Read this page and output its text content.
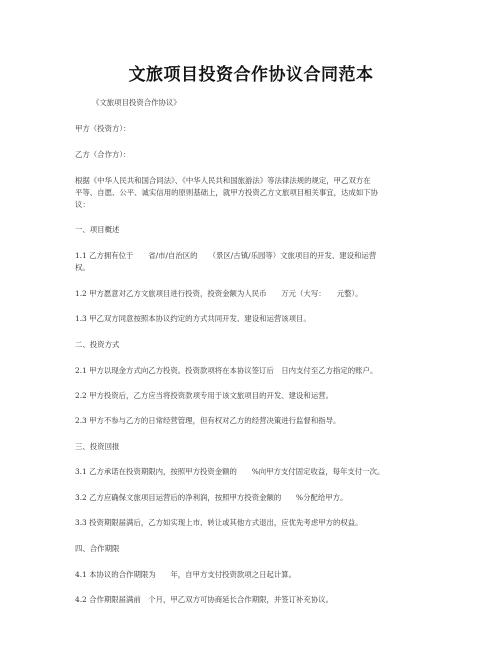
文旅项目投资合作协议合同范本
《文旅项目投资合作协议》
甲方（投资方）：
乙方（合作方）：
根据《中华人民共和国合同法》、《中华人民共和国旅游法》等法律法规的规定，甲乙双方在
平等、自愿、公平、诚实信用的原则基础上，就甲方投资乙方文旅项目相关事宜，达成如下协
议：
一、项目概述
1.1 乙方拥有位于　　省/市/自治区的　　（景区/古镇/乐园等）文旅项目的开发、建设和运营
权。
1.2 甲方愿意对乙方文旅项目进行投资，投资金额为人民币　　万元（大写：　　元整）。
1.3 甲乙双方同意按照本协议约定的方式共同开发、建设和运营该项目。
二、投资方式
2.1 甲方以现金方式向乙方投资。投资款项将在本协议签订后　日内支付至乙方指定的账户。
2.2 甲方投资后，乙方应当将投资款项专用于该文旅项目的开发、建设和运营。
2.3 甲方不参与乙方的日常经营管理，但有权对乙方的经营决策进行监督和指导。
三、投资回报
3.1 乙方承诺在投资期限内，按照甲方投资金额的　　%向甲方支付固定收益，每年支付一次。
3.2 乙方应确保文旅项目运营后的净利润，按照甲方投资金额的　　%分配给甲方。
3.3 投资期限届满后，乙方如实现上市、转让或其他方式退出，应优先考虑甲方的权益。
四、合作期限
4.1 本协议的合作期限为　　年，自甲方支付投资款项之日起计算。
4.2 合作期限届满前　个月，甲乙双方可协商延长合作期限，并签订补充协议。
